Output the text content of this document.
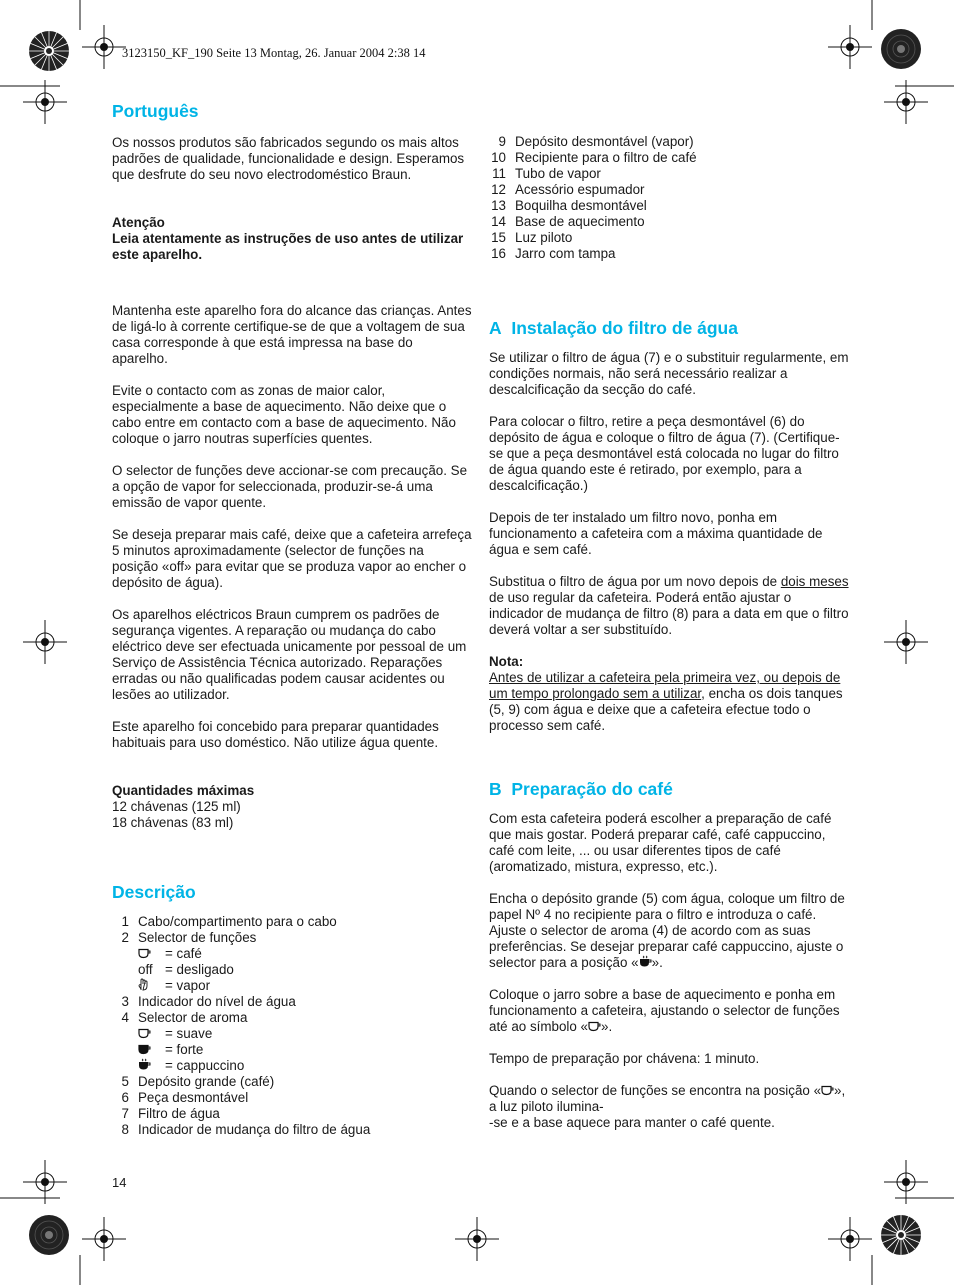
3123150_KF_190 Seite 13 Montag, 26. Januar 2004 2:38 14
Português

Os nossos produtos são fabricados segundo os mais altos padrões de qualidade, funcionalidade e design. Esperamos que desfrute do seu novo electrodoméstico Braun.

Atenção

Leia atentamente as instruções de uso antes de utilizar este aparelho.

Mantenha este aparelho fora do alcance das crianças. Antes de ligá-lo à corrente certifique-se de que a voltagem de sua casa corresponde à que está impressa na base do aparelho.

Evite o contacto com as zonas de maior calor, especialmente a base de aquecimento. Não deixe que o cabo entre em contacto com a base de aquecimento. Não coloque o jarro noutras superfícies quentes.

O selector de funções deve accionar-se com precaução. Se a opção de vapor for seleccionada, produzir-se-á uma emissão de vapor quente.

Se deseja preparar mais café, deixe que a cafeteira arrefeça 5 minutos aproximadamente (selector de funções na posição «off» para evitar que se produza vapor ao encher o depósito de água).

Os aparelhos eléctricos Braun cumprem os padrões de segurança vigentes. A reparação ou mudança do cabo eléctrico deve ser efectuada unicamente por pessoal de um Serviço de Assistência Técnica autorizado. Reparações erradas ou não qualificadas podem causar acidentes ou lesões ao utilizador.

Este aparelho foi concebido para preparar quantidades habituais para uso doméstico. Não utilize água quente.

Quantidades máximas

12 chávenas (125 ml)

18 chávenas (83 ml)

Descrição
1 Cabo/compartimento para o cabo
2 Selector de funções
= café
off = desligado
= vapor
3 Indicador do nível de água
4 Selector de aroma
= suave
= forte
= cappuccino
5 Depósito grande (café)
6 Peça desmontável
7 Filtro de água
8 Indicador de mudança do filtro de água
9 Depósito desmontável (vapor)
10 Recipiente para o filtro de café
11 Tubo de vapor
12 Acessório espumador
13 Boquilha desmontável
14 Base de aquecimento
15 Luz piloto
16 Jarro com tampa
A Instalação do filtro de água

Se utilizar o filtro de água (7) e o substituir regularmente, em condições normais, não será necessário realizar a descalcificação da secção do café.

Para colocar o filtro, retire a peça desmontável (6) do depósito de água e coloque o filtro de água (7). (Certifique-se que a peça desmontável está colocada no lugar do filtro de água quando este é retirado, por exemplo, para a descalcificação.)

Depois de ter instalado um filtro novo, ponha em funcionamento a cafeteira com a máxima quantidade de água e sem café.

Substitua o filtro de água por um novo depois de dois meses de uso regular da cafeteira. Poderá então ajustar o indicador de mudança de filtro (8) para a data em que o filtro deverá voltar a ser substituído.

Nota:

Antes de utilizar a cafeteira pela primeira vez, ou depois de um tempo prolongado sem a utilizar, encha os dois tanques (5, 9) com água e deixe que a cafeteira efectue todo o processo sem café.

B Preparação do café

Com esta cafeteira poderá escolher a preparação de café que mais gostar. Poderá preparar café, café cappuccino, café com leite, ... ou usar diferentes tipos de café (aromatizado, mistura, expresso, etc.).

Encha o depósito grande (5) com água, coloque um filtro de papel Nº 4 no recipiente para o filtro e introduza o café. Ajuste o selector de aroma (4) de acordo com as suas preferências. Se desejar preparar café cappuccino, ajuste o selector para a posição « ».

Coloque o jarro sobre a base de aquecimento e ponha em funcionamento a cafeteira, ajustando o selector de funções até ao símbolo « ».

Tempo de preparação por chávena: 1 minuto.

Quando o selector de funções se encontra na posição « », a luz piloto ilumina-
-se e a base aquece para manter o café quente.

14
